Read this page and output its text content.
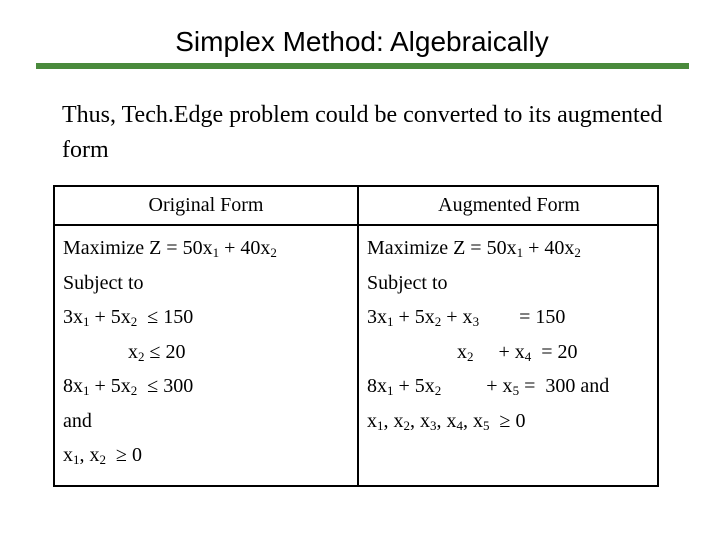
Simplex Method: Algebraically
Thus, Tech.Edge problem could be converted to its augmented form
Original Form	Augmented Form
Maximize $Z = 50x_1 + 40x_2$
Subject to
$3x_1 + 5x_2 \le 150$
$x_2 \le 20$
$8x_1 + 5x_2 \le 300$
and
$x_1$, $x_2 \ge 0$
Maximize $Z = 50x_1 + 40x_2$
Subject to
$3x_1 + 5x_2 + x_3$        = 150
$x_2$     + $x_4 = 20$
$8x_1 + 5x_2$         + $x_5 = 300$ and
$x_1$, $x_2$, $x_3$, $x_4$, $x_5 \ge 0$
